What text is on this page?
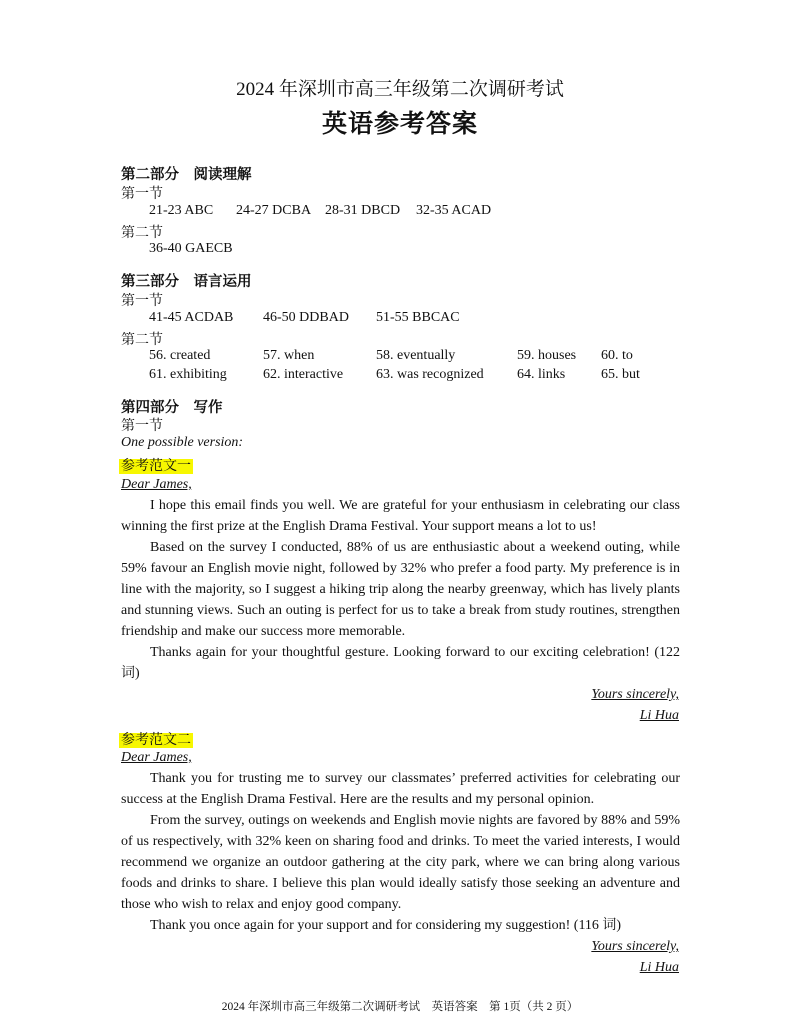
2024 年深圳市高三年级第二次调研考试
英语参考答案
第二部分　阅读理解
第一节
21-23 ABC 24-27 DCBA 28-31 DBCD 32-35 ACAD
第二节
36-40 GAECB
第三部分　语言运用
第一节
41-45 ACDAB 46-50 DDBAD 51-55 BBCAC
第二节
56. created	57. when	58. eventually	59. houses 60. to
61. exhibiting	62. interactive 63. was recognized 64. links	65. but
第四部分　写作
第一节
One possible version:
参考范文一
Dear James,
I hope this email finds you well. We are grateful for your enthusiasm in celebrating our class winning the first prize at the English Drama Festival. Your support means a lot to us!
Based on the survey I conducted, 88% of us are enthusiastic about a weekend outing, while 59% favour an English movie night, followed by 32% who prefer a food party. My preference is in line with the majority, so I suggest a hiking trip along the nearby greenway, which has lively plants and stunning views. Such an outing is perfect for us to take a break from study routines, strengthen friendship and make our success more memorable.
Thanks again for your thoughtful gesture. Looking forward to our exciting celebration! (122 词)
Yours sincerely,
Li Hua
参考范文二
Dear James,
Thank you for trusting me to survey our classmates’ preferred activities for celebrating our success at the English Drama Festival. Here are the results and my personal opinion.
From the survey, outings on weekends and English movie nights are favored by 88% and 59% of us respectively, with 32% keen on sharing food and drinks. To meet the varied interests, I would recommend we organize an outdoor gathering at the city park, where we can bring along various foods and drinks to share. I believe this plan would ideally satisfy those seeking an adventure and those who wish to relax and enjoy good company.
Thank you once again for your support and for considering my suggestion! (116 词)
Yours sincerely,
Li Hua
2024 年深圳市高三年级第二次调研考试　英语答案　第 1页（共 2 页）
